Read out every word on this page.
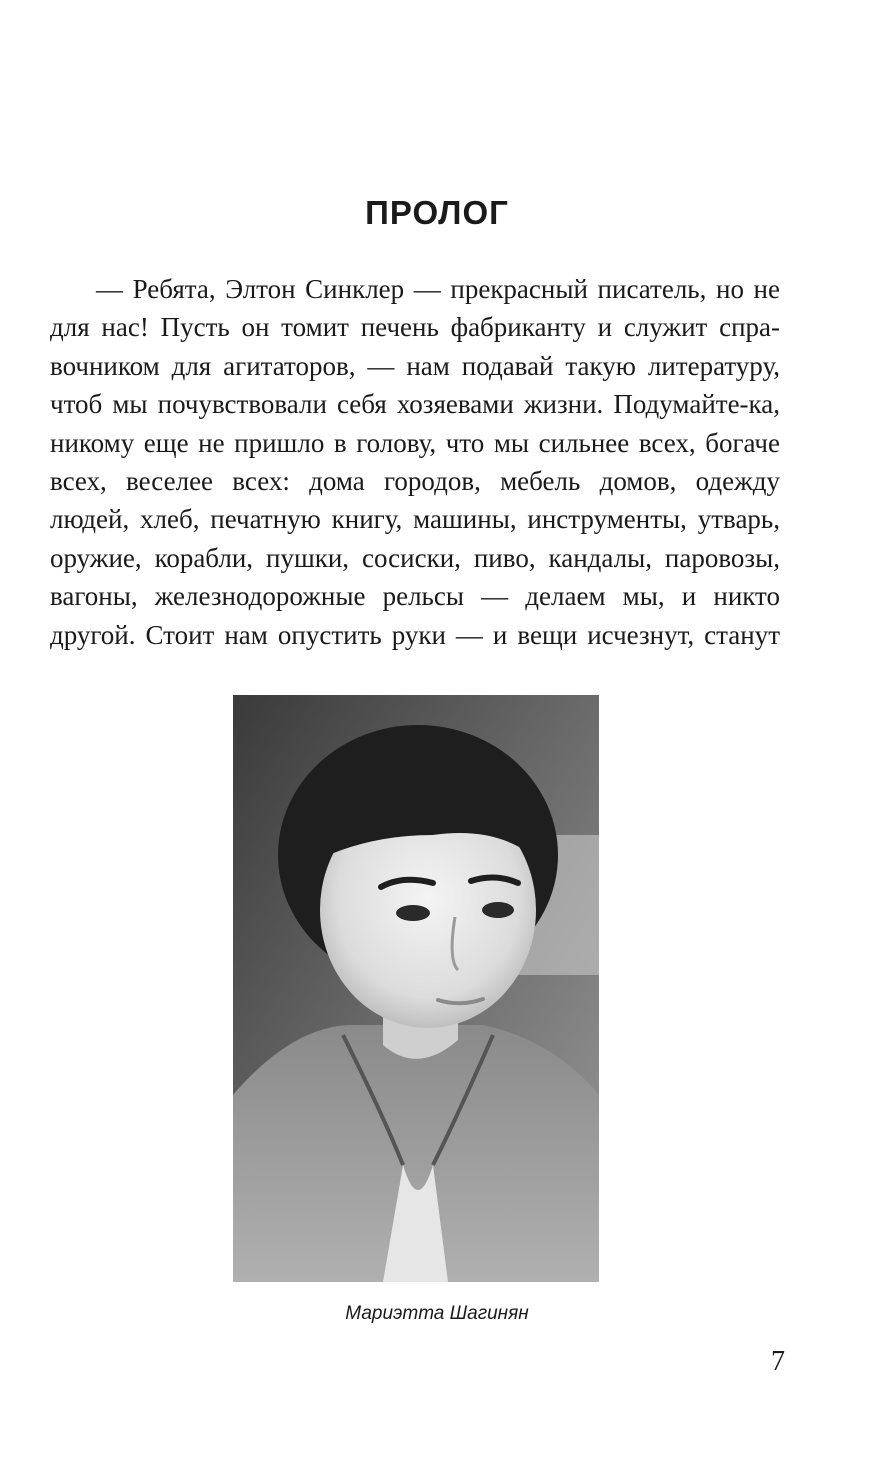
ПРОЛОГ
— Ребята, Элтон Синклер — прекрасный писатель, но не
для нас! Пусть он томит печень фабриканту и служит спра-
вочником для агитаторов, — нам подавай такую литературу,
чтоб мы почувствовали себя хозяевами жизни. Подумайте-ка,
никому еще не пришло в голову, что мы сильнее всех, богаче
всех, веселее всех: дома городов, мебель домов, одежду
людей, хлеб, печатную книгу, машины, инструменты, утварь,
оружие, корабли, пушки, сосиски, пиво, кандалы, паровозы,
вагоны, железнодорожные рельсы — делаем мы, и никто
другой. Стоит нам опустить руки — и вещи исчезнут, станут
Мариэтта Шагинян
7
